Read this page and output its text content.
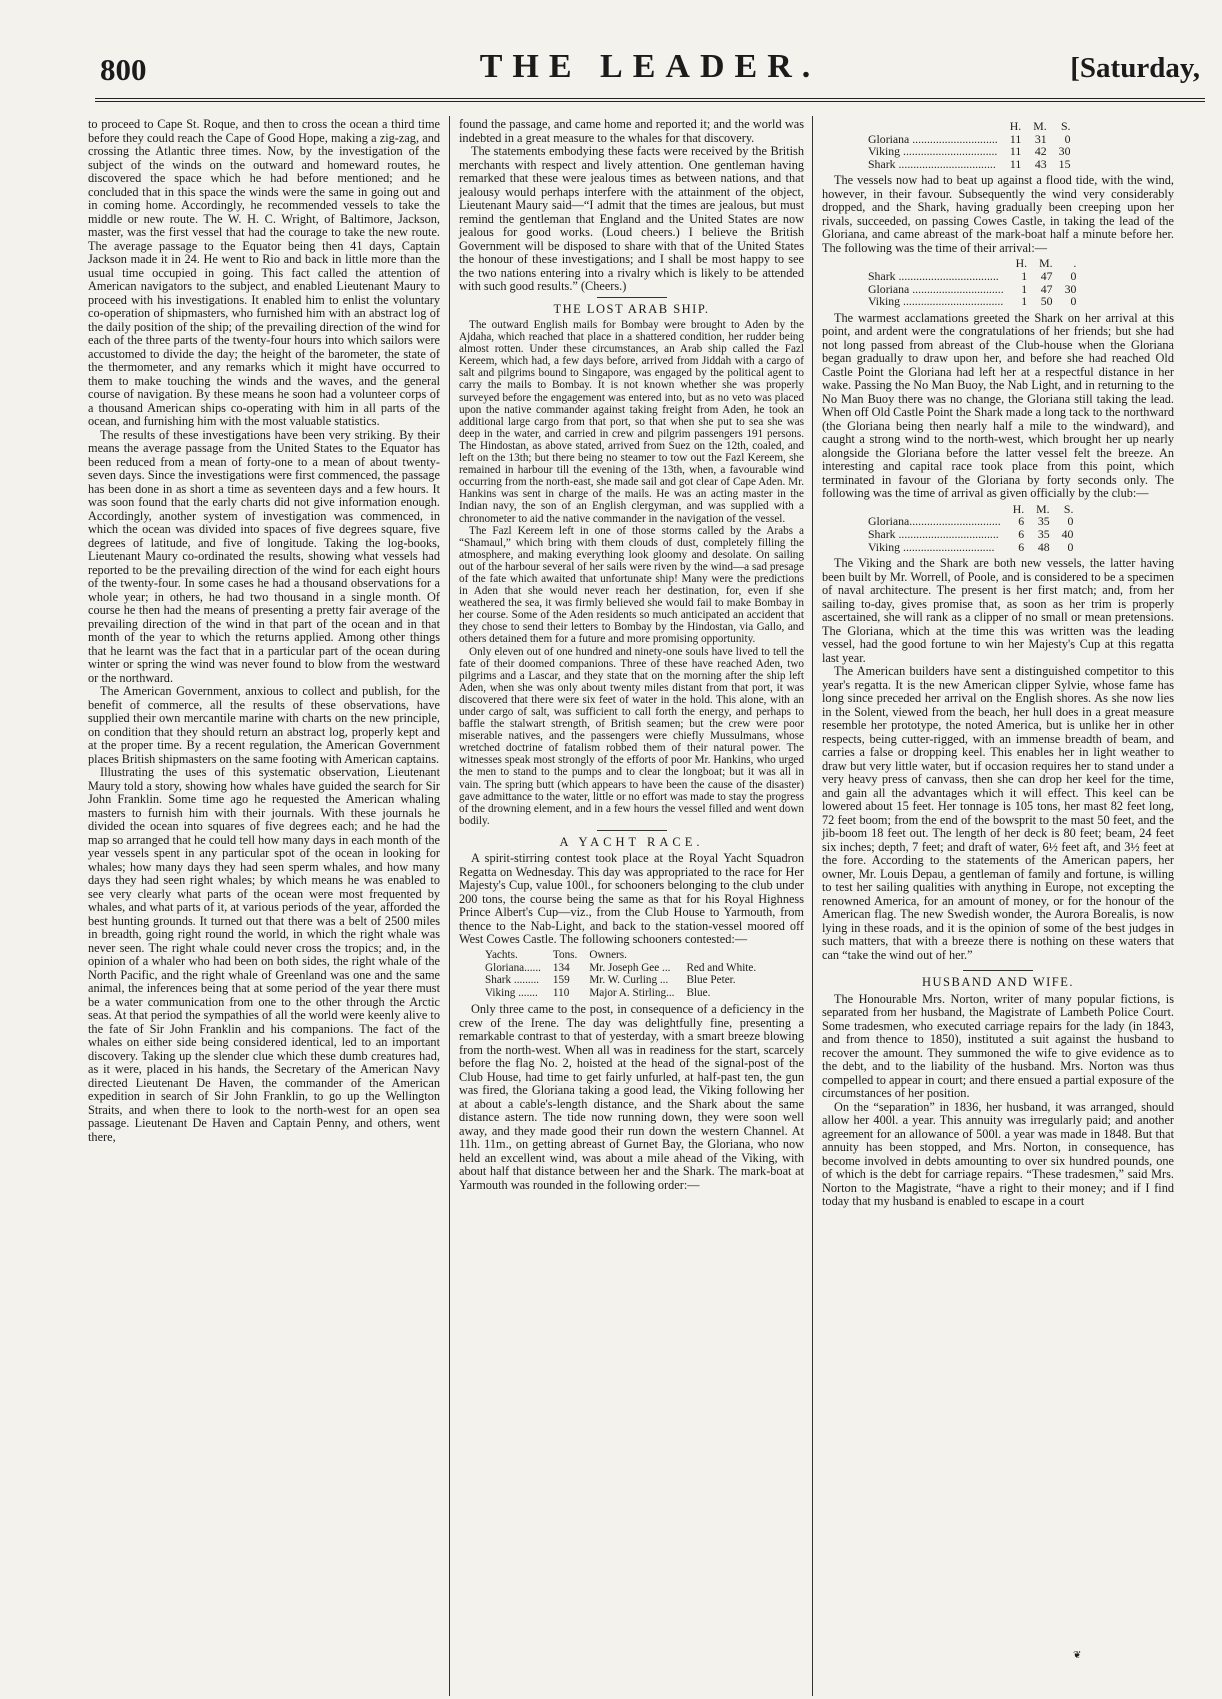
800	THE LEADER.	[Saturday,

to proceed to Cape St. Roque, and then to cross the ocean a third time before they could reach the Cape of Good Hope, making a zig-zag, and crossing the Atlantic three times. Now, by the investigation of the subject of the winds on the outward and homeward routes, he discovered the space which he had before mentioned; and he concluded that in this space the winds were the same in going out and in coming home. Accordingly, he recommended vessels to take the middle or new route. The W. H. C. Wright, of Baltimore, Jackson, master, was the first vessel that had the courage to take the new route. The average passage to the Equator being then 41 days, Captain Jackson made it in 24. He went to Rio and back in little more than the usual time occupied in going. This fact called the attention of American navigators to the subject, and enabled Lieutenant Maury to proceed with his investigations. It enabled him to enlist the voluntary co-operation of shipmasters, who furnished him with an abstract log of the daily position of the ship; of the prevailing direction of the wind for each of the three parts of the twenty-four hours into which sailors were accustomed to divide the day; the height of the barometer, the state of the thermometer, and any remarks which it might have occurred to them to make touching the winds and the waves, and the general course of navigation. By these means he soon had a volunteer corps of a thousand American ships co-operating with him in all parts of the ocean, and furnishing him with the most valuable statistics.

The results of these investigations have been very striking. By their means the average passage from the United States to the Equator has been reduced from a mean of forty-one to a mean of about twenty-seven days. Since the investigations were first commenced, the passage has been done in as short a time as seventeen days and a few hours. It was soon found that the early charts did not give information enough. Accordingly, another system of investigation was commenced, in which the ocean was divided into spaces of five degrees square, five degrees of latitude, and five of longitude. Taking the log-books, Lieutenant Maury co-ordinated the results, showing what vessels had reported to be the prevailing direction of the wind for each eight hours of the twenty-four. In some cases he had a thousand observations for a whole year; in others, he had two thousand in a single month. Of course he then had the means of presenting a pretty fair average of the prevailing direction of the wind in that part of the ocean and in that month of the year to which the returns applied. Among other things that he learnt was the fact that in a particular part of the ocean during winter or spring the wind was never found to blow from the westward or the northward.

The American Government, anxious to collect and publish, for the benefit of commerce, all the results of these observations, have supplied their own mercantile marine with charts on the new principle, on condition that they should return an abstract log, properly kept and at the proper time. By a recent regulation, the American Government places British shipmasters on the same footing with American captains.

Illustrating the uses of this systematic observation, Lieutenant Maury told a story, showing how whales have guided the search for Sir John Franklin. Some time ago he requested the American whaling masters to furnish him with their journals. With these journals he divided the ocean into squares of five degrees each; and he had the map so arranged that he could tell how many days in each month of the year vessels spent in any particular spot of the ocean in looking for whales; how many days they had seen sperm whales, and how many days they had seen right whales; by which means he was enabled to see very clearly what parts of the ocean were most frequented by whales, and what parts of it, at various periods of the year, afforded the best hunting grounds. It turned out that there was a belt of 2500 miles in breadth, going right round the world, in which the right whale was never seen. The right whale could never cross the tropics; and, in the opinion of a whaler who had been on both sides, the right whale of the North Pacific, and the right whale of Greenland was one and the same animal, the inferences being that at some period of the year there must be a water communication from one to the other through the Arctic seas. At that period the sympathies of all the world were keenly alive to the fate of Sir John Franklin and his companions. The fact of the whales on either side being considered identical, led to an important discovery. Taking up the slender clue which these dumb creatures had, as it were, placed in his hands, the Secretary of the American Navy directed Lieutenant De Haven, the commander of the American expedition in search of Sir John Franklin, to go up the Wellington Straits, and when there to look to the north-west for an open sea passage. Lieutenant De Haven and Captain Penny, and others, went there,

found the passage, and came home and reported it; and the world was indebted in a great measure to the whales for that discovery.

The statements embodying these facts were received by the British merchants with respect and lively attention. One gentleman having remarked that these were jealous times as between nations, and that jealousy would perhaps interfere with the attainment of the object, Lieutenant Maury said—“I admit that the times are jealous, but must remind the gentleman that England and the United States are now jealous for good works. (Loud cheers.) I believe the British Government will be disposed to share with that of the United States the honour of these investigations; and I shall be most happy to see the two nations entering into a rivalry which is likely to be attended with such good results.” (Cheers.)

THE LOST ARAB SHIP.

The outward English mails for Bombay were brought to Aden by the Ajdaha, which reached that place in a shattered condition, her rudder being almost rotten. Under these circumstances, an Arab ship called the Fazl Kereem, which had, a few days before, arrived from Jiddah with a cargo of salt and pilgrims bound to Singapore, was engaged by the political agent to carry the mails to Bombay. It is not known whether she was properly surveyed before the engagement was entered into, but as no veto was placed upon the native commander against taking freight from Aden, he took an additional large cargo from that port, so that when she put to sea she was deep in the water, and carried in crew and pilgrim passengers 191 persons. The Hindostan, as above stated, arrived from Suez on the 12th, coaled, and left on the 13th; but there being no steamer to tow out the Fazl Kereem, she remained in harbour till the evening of the 13th, when, a favourable wind occurring from the north-east, she made sail and got clear of Cape Aden. Mr. Hankins was sent in charge of the mails. He was an acting master in the Indian navy, the son of an English clergyman, and was supplied with a chronometer to aid the native commander in the navigation of the vessel.

The Fazl Kereem left in one of those storms called by the Arabs a “Shamaul,” which bring with them clouds of dust, completely filling the atmosphere, and making everything look gloomy and desolate. On sailing out of the harbour several of her sails were riven by the wind—a sad presage of the fate which awaited that unfortunate ship! Many were the predictions in Aden that she would never reach her destination, for, even if she weathered the sea, it was firmly believed she would fail to make Bombay in her course. Some of the Aden residents so much anticipated an accident that they chose to send their letters to Bombay by the Hindostan, via Gallo, and others detained them for a future and more promising opportunity.

Only eleven out of one hundred and ninety-one souls have lived to tell the fate of their doomed companions. Three of these have reached Aden, two pilgrims and a Lascar, and they state that on the morning after the ship left Aden, when she was only about twenty miles distant from that port, it was discovered that there were six feet of water in the hold. This alone, with an under cargo of salt, was sufficient to call forth the energy, and perhaps to baffle the stalwart strength, of British seamen; but the crew were poor miserable natives, and the passengers were chiefly Mussulmans, whose wretched doctrine of fatalism robbed them of their natural power. The witnesses speak most strongly of the efforts of poor Mr. Hankins, who urged the men to stand to the pumps and to clear the longboat; but it was all in vain. The spring butt (which appears to have been the cause of the disaster) gave admittance to the water, little or no effort was made to stay the progress of the drowning element, and in a few hours the vessel filled and went down bodily.

A YACHT RACE.

A spirit-stirring contest took place at the Royal Yacht Squadron Regatta on Wednesday. This day was appropriated to the race for Her Majesty's Cup, value 100l., for schooners belonging to the club under 200 tons, the course being the same as that for his Royal Highness Prince Albert's Cup—viz., from the Club House to Yarmouth, from thence to the Nab-Light, and back to the station-vessel moored off West Cowes Castle. The following schooners contested:—

Yachts.	Tons.	Owners.	
Gloriana......	134	Mr. Joseph Gee ...	Red and White.
Shark .........	159	Mr. W. Curling ...	Blue Peter.
Viking .......	110	Major A. Stirling...	Blue.

Only three came to the post, in consequence of a deficiency in the crew of the Irene. The day was delightfully fine, presenting a remarkable contrast to that of yesterday, with a smart breeze blowing from the north-west. When all was in readiness for the start, scarcely before the flag No. 2, hoisted at the head of the signal-post of the Club House, had time to get fairly unfurled, at half-past ten, the gun was fired, the Gloriana taking a good lead, the Viking following her at about a cable's-length distance, and the Shark about the same distance astern. The tide now running down, they were soon well away, and they made good their run down the western Channel. At 11h. 11m., on getting abreast of Gurnet Bay, the Gloriana, who now held an excellent wind, was about a mile ahead of the Viking, with about half that distance between her and the Shark. The mark-boat at Yarmouth was rounded in the following order:—

	H.	M.	S.
Gloriana .............................	11	31	0
Viking ................................	11	42	30
Shark .................................	11	43	15

The vessels now had to beat up against a flood tide, with the wind, however, in their favour. Subsequently the wind very considerably dropped, and the Shark, having gradually been creeping upon her rivals, succeeded, on passing Cowes Castle, in taking the lead of the Gloriana, and came abreast of the mark-boat half a minute before her. The following was the time of their arrival:—

	H.	M.	.
Shark ..................................	1	47	0
Gloriana ...............................	1	47	30
Viking ..................................	1	50	0

The warmest acclamations greeted the Shark on her arrival at this point, and ardent were the congratulations of her friends; but she had not long passed from abreast of the Club-house when the Gloriana began gradually to draw upon her, and before she had reached Old Castle Point the Gloriana had left her at a respectful distance in her wake. Passing the No Man Buoy, the Nab Light, and in returning to the No Man Buoy there was no change, the Gloriana still taking the lead. When off Old Castle Point the Shark made a long tack to the northward (the Gloriana being then nearly half a mile to the windward), and caught a strong wind to the north-west, which brought her up nearly alongside the Gloriana before the latter vessel felt the breeze. An interesting and capital race took place from this point, which terminated in favour of the Gloriana by forty seconds only. The following was the time of arrival as given officially by the club:—

	H.	M.	S.
Gloriana...............................	6	35	0
Shark ..................................	6	35	40
Viking ...............................	6	48	0

The Viking and the Shark are both new vessels, the latter having been built by Mr. Worrell, of Poole, and is considered to be a specimen of naval architecture. The present is her first match; and, from her sailing to-day, gives promise that, as soon as her trim is properly ascertained, she will rank as a clipper of no small or mean pretensions. The Gloriana, which at the time this was written was the leading vessel, had the good fortune to win her Majesty's Cup at this regatta last year.

The American builders have sent a distinguished competitor to this year's regatta. It is the new American clipper Sylvie, whose fame has long since preceded her arrival on the English shores. As she now lies in the Solent, viewed from the beach, her hull does in a great measure resemble her prototype, the noted America, but is unlike her in other respects, being cutter-rigged, with an immense breadth of beam, and carries a false or dropping keel. This enables her in light weather to draw but very little water, but if occasion requires her to stand under a very heavy press of canvass, then she can drop her keel for the time, and gain all the advantages which it will effect. This keel can be lowered about 15 feet. Her tonnage is 105 tons, her mast 82 feet long, 72 feet boom; from the end of the bowsprit to the mast 50 feet, and the jib-boom 18 feet out. The length of her deck is 80 feet; beam, 24 feet six inches; depth, 7 feet; and draft of water, 6½ feet aft, and 3½ feet at the fore. According to the statements of the American papers, her owner, Mr. Louis Depau, a gentleman of family and fortune, is willing to test her sailing qualities with anything in Europe, not excepting the renowned America, for an amount of money, or for the honour of the American flag. The new Swedish wonder, the Aurora Borealis, is now lying in these roads, and it is the opinion of some of the best judges in such matters, that with a breeze there is nothing on these waters that can “take the wind out of her.”

HUSBAND AND WIFE.

The Honourable Mrs. Norton, writer of many popular fictions, is separated from her husband, the Magistrate of Lambeth Police Court. Some tradesmen, who executed carriage repairs for the lady (in 1843, and from thence to 1850), instituted a suit against the husband to recover the amount. They summoned the wife to give evidence as to the debt, and to the liability of the husband. Mrs. Norton was thus compelled to appear in court; and there ensued a partial exposure of the circumstances of her position.

On the “separation” in 1836, her husband, it was arranged, should allow her 400l. a year. This annuity was irregularly paid; and another agreement for an allowance of 500l. a year was made in 1848. But that annuity has been stopped, and Mrs. Norton, in consequence, has become involved in debts amounting to over six hundred pounds, one of which is the debt for carriage repairs. “These tradesmen,” said Mrs. Norton to the Magistrate, “have a right to their money; and if I find today that my husband is enabled to escape in a court

❦
